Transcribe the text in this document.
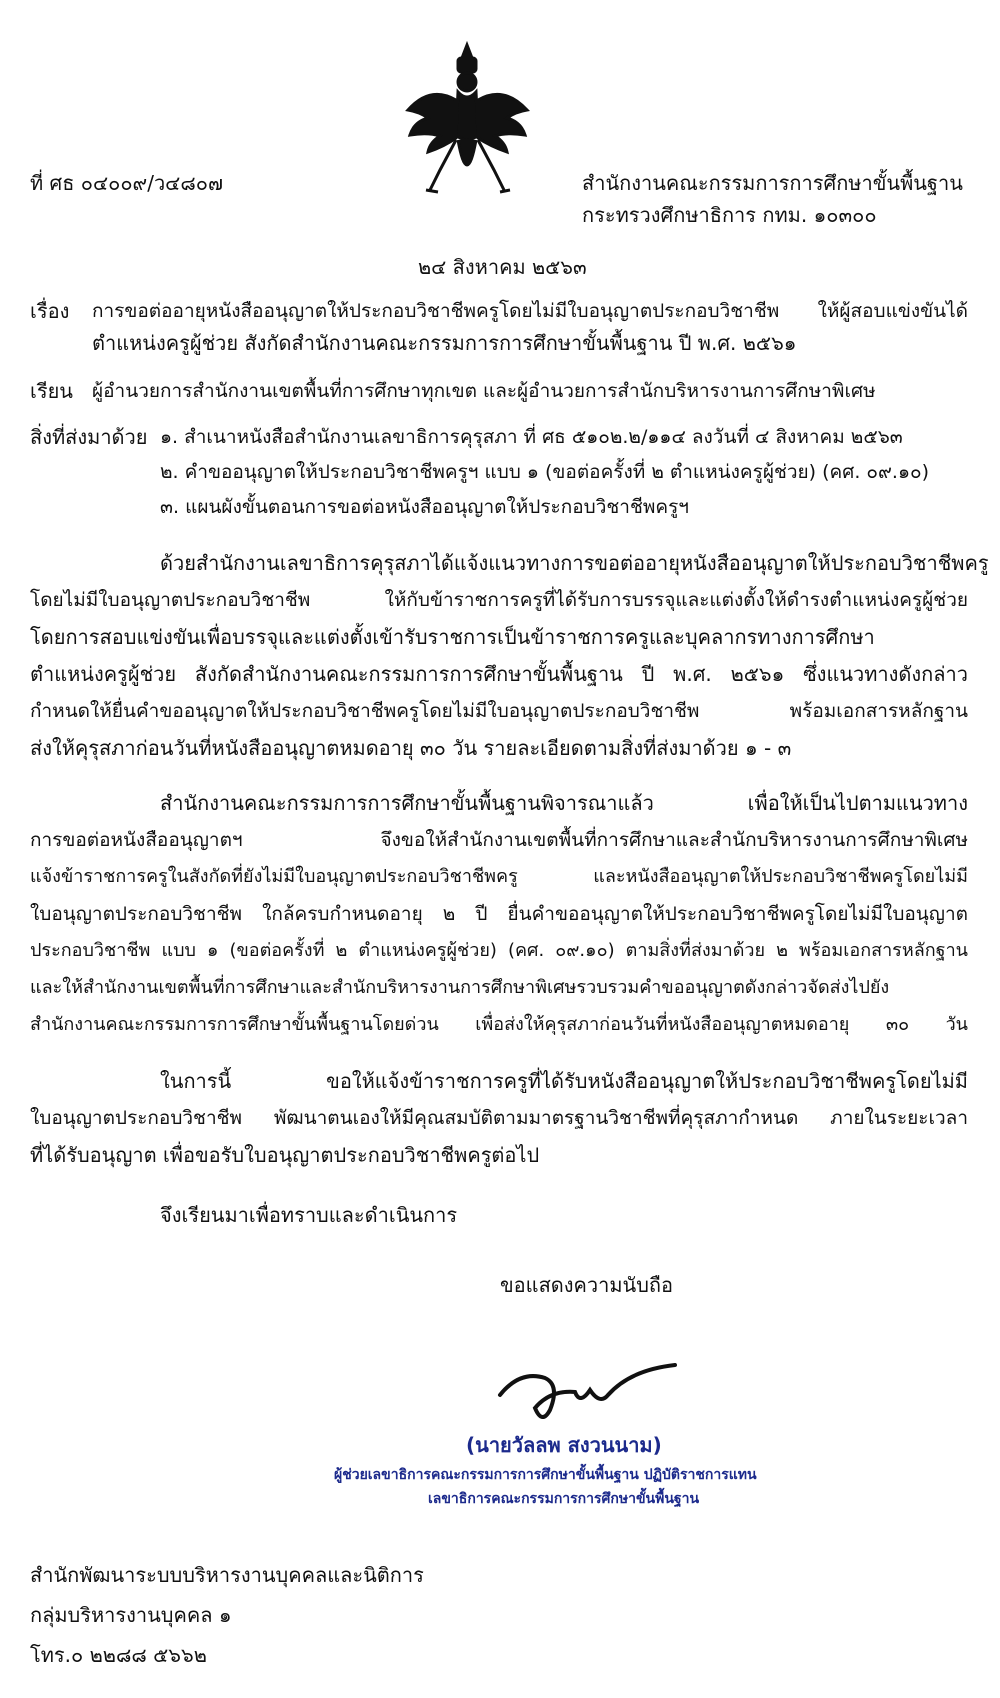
ที่ ศธ ๐๔๐๐๙/ว๔๘๐๗	สำนักงานคณะกรรมการการศึกษาขั้นพื้นฐาน
กระทรวงศึกษาธิการ กทม. ๑๐๓๐๐
๒๔ สิงหาคม ๒๕๖๓
เรื่อง การขอต่ออายุหนังสืออนุญาตให้ประกอบวิชาชีพครูโดยไม่มีใบอนุญาตประกอบวิชาชีพ ให้ผู้สอบแข่งขันได้
ตำแหน่งครูผู้ช่วย สังกัดสำนักงานคณะกรรมการการศึกษาขั้นพื้นฐาน ปี พ.ศ. ๒๕๖๑
เรียน ผู้อำนวยการสำนักงานเขตพื้นที่การศึกษาทุกเขต และผู้อำนวยการสำนักบริหารงานการศึกษาพิเศษ
สิ่งที่ส่งมาด้วย ๑. สำเนาหนังสือสำนักงานเลขาธิการคุรุสภา ที่ ศธ ๕๑๐๒.๒/๑๑๔ ลงวันที่ ๔ สิงหาคม ๒๕๖๓
๒. คำขออนุญาตให้ประกอบวิชาชีพครูฯ แบบ ๑ (ขอต่อครั้งที่ ๒ ตำแหน่งครูผู้ช่วย) (คศ. ๐๙.๑๐)
๓. แผนผังขั้นตอนการขอต่อหนังสืออนุญาตให้ประกอบวิชาชีพครูฯ
ด้วยสำนักงานเลขาธิการคุรุสภาได้แจ้งแนวทางการขอต่ออายุหนังสืออนุญาตให้ประกอบวิชาชีพครู
โดยไม่มีใบอนุญาตประกอบวิชาชีพ ให้กับข้าราชการครูที่ได้รับการบรรจุและแต่งตั้งให้ดำรงตำแหน่งครูผู้ช่วย
โดยการสอบแข่งขันเพื่อบรรจุและแต่งตั้งเข้ารับราชการเป็นข้าราชการครูและบุคลากรทางการศึกษา
ตำแหน่งครูผู้ช่วย สังกัดสำนักงานคณะกรรมการการศึกษาขั้นพื้นฐาน ปี พ.ศ. ๒๕๖๑ ซึ่งแนวทางดังกล่าว
กำหนดให้ยื่นคำขออนุญาตให้ประกอบวิชาชีพครูโดยไม่มีใบอนุญาตประกอบวิชาชีพ พร้อมเอกสารหลักฐาน
ส่งให้คุรุสภาก่อนวันที่หนังสืออนุญาตหมดอายุ ๓๐ วัน รายละเอียดตามสิ่งที่ส่งมาด้วย ๑ - ๓
สำนักงานคณะกรรมการการศึกษาขั้นพื้นฐานพิจารณาแล้ว เพื่อให้เป็นไปตามแนวทาง
การขอต่อหนังสืออนุญาตฯ จึงขอให้สำนักงานเขตพื้นที่การศึกษาและสำนักบริหารงานการศึกษาพิเศษ
แจ้งข้าราชการครูในสังกัดที่ยังไม่มีใบอนุญาตประกอบวิชาชีพครู และหนังสืออนุญาตให้ประกอบวิชาชีพครูโดยไม่มี
ใบอนุญาตประกอบวิชาชีพ ใกล้ครบกำหนดอายุ ๒ ปี ยื่นคำขออนุญาตให้ประกอบวิชาชีพครูโดยไม่มีใบอนุญาต
ประกอบวิชาชีพ แบบ ๑ (ขอต่อครั้งที่ ๒ ตำแหน่งครูผู้ช่วย) (คศ. ๐๙.๑๐) ตามสิ่งที่ส่งมาด้วย ๒ พร้อมเอกสารหลักฐาน
และให้สำนักงานเขตพื้นที่การศึกษาและสำนักบริหารงานการศึกษาพิเศษรวบรวมคำขออนุญาตดังกล่าวจัดส่งไปยัง
สำนักงานคณะกรรมการการศึกษาขั้นพื้นฐานโดยด่วน เพื่อส่งให้คุรุสภาก่อนวันที่หนังสืออนุญาตหมดอายุ ๓๐ วัน
ในการนี้ ขอให้แจ้งข้าราชการครูที่ได้รับหนังสืออนุญาตให้ประกอบวิชาชีพครูโดยไม่มี
ใบอนุญาตประกอบวิชาชีพ พัฒนาตนเองให้มีคุณสมบัติตามมาตรฐานวิชาชีพที่คุรุสภากำหนด ภายในระยะเวลา
ที่ได้รับอนุญาต เพื่อขอรับใบอนุญาตประกอบวิชาชีพครูต่อไป
จึงเรียนมาเพื่อทราบและดำเนินการ
ขอแสดงความนับถือ
(นายวัลลพ สงวนนาม)
ผู้ช่วยเลขาธิการคณะกรรมการการศึกษาขั้นพื้นฐาน ปฏิบัติราชการแทน
เลขาธิการคณะกรรมการการศึกษาขั้นพื้นฐาน
สำนักพัฒนาระบบบริหารงานบุคคลและนิติการ
กลุ่มบริหารงานบุคคล ๑
โทร.๐ ๒๒๘๘ ๕๖๖๒
